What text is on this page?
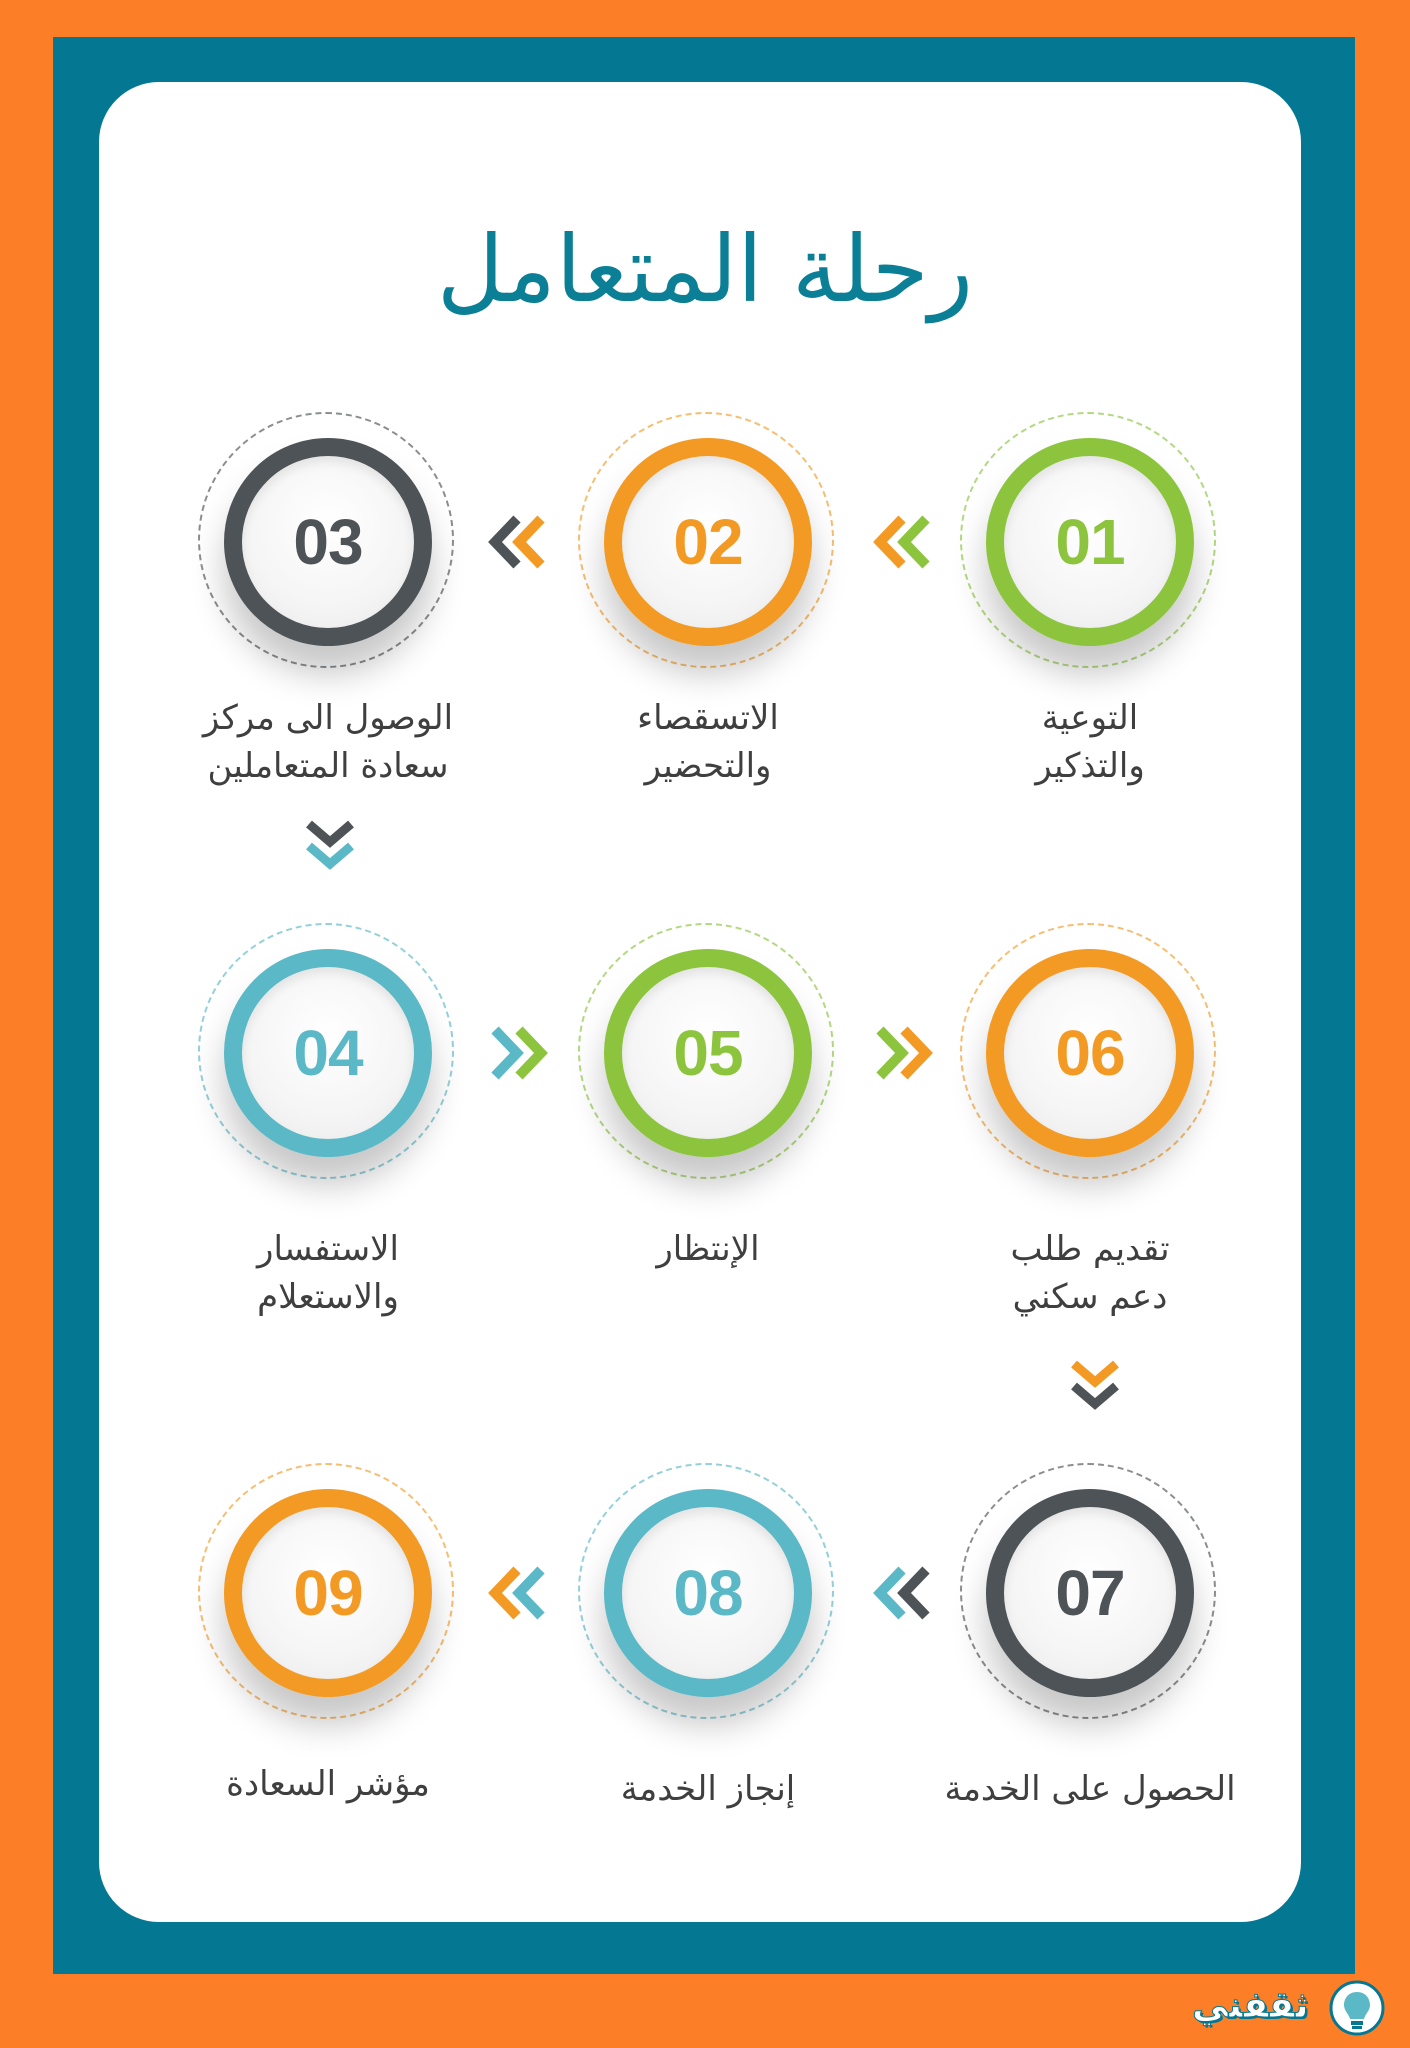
رحلة المتعامل
01
02
03
04	05	06
07
08
09
التوعية
والتذكير
الاتسقصاء
والتحضير
الوصول الى مركز
سعادة المتعاملين
الاستفسار
والاستعلام
الإنتظار	تقديم طلب
دعم سكني
الحصول على الخدمة
إنجاز الخدمة
مؤشر السعادة
ثقفني
